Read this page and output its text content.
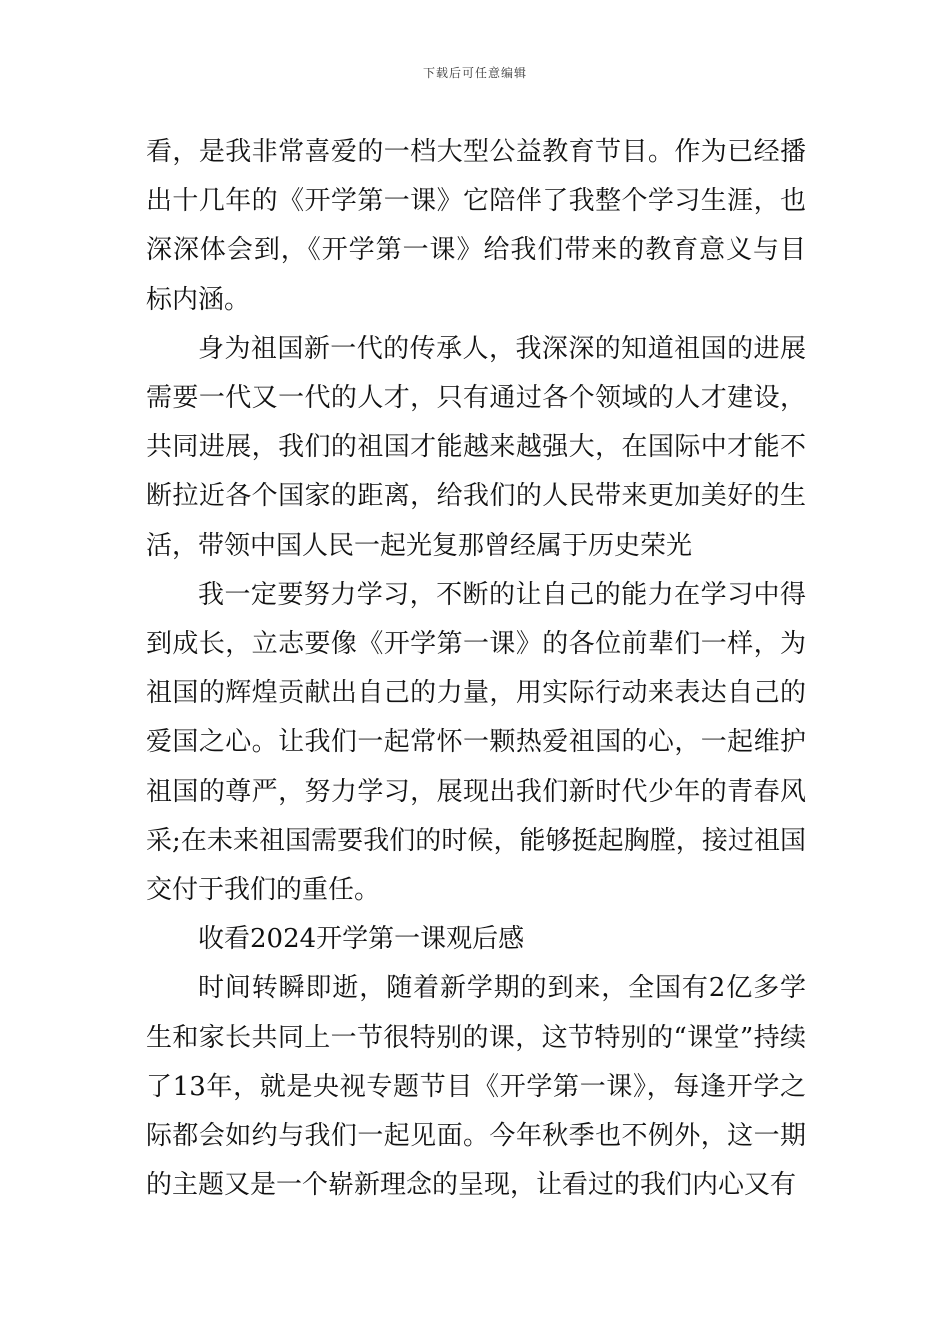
下载后可任意编辑

看，是我非常喜爱的一档大型公益教育节目。作为已经播出十几年的《开学第一课》它陪伴了我整个学习生涯，也深深体会到，《开学第一课》给我们带来的教育意义与目标内涵。

身为祖国新一代的传承人，我深深的知道祖国的进展需要一代又一代的人才，只有通过各个领域的人才建设，共同进展，我们的祖国才能越来越强大，在国际中才能不断拉近各个国家的距离，给我们的人民带来更加美好的生活，带领中国人民一起光复那曾经属于历史荣光

我一定要努力学习，不断的让自己的能力在学习中得到成长，立志要像《开学第一课》的各位前辈们一样，为祖国的辉煌贡献出自己的力量，用实际行动来表达自己的爱国之心。让我们一起常怀一颗热爱祖国的心，一起维护祖国的尊严，努力学习，展现出我们新时代少年的青春风采;在未来祖国需要我们的时候，能够挺起胸膛，接过祖国交付于我们的重任。

收看2024开学第一课观后感

时间转瞬即逝，随着新学期的到来，全国有2亿多学生和家长共同上一节很特别的课，这节特别的“课堂”持续了13年，就是央视专题节目《开学第一课》，每逢开学之际都会如约与我们一起见面。今年秋季也不例外，这一期的主题又是一个崭新理念的呈现，让看过的我们内心又有
